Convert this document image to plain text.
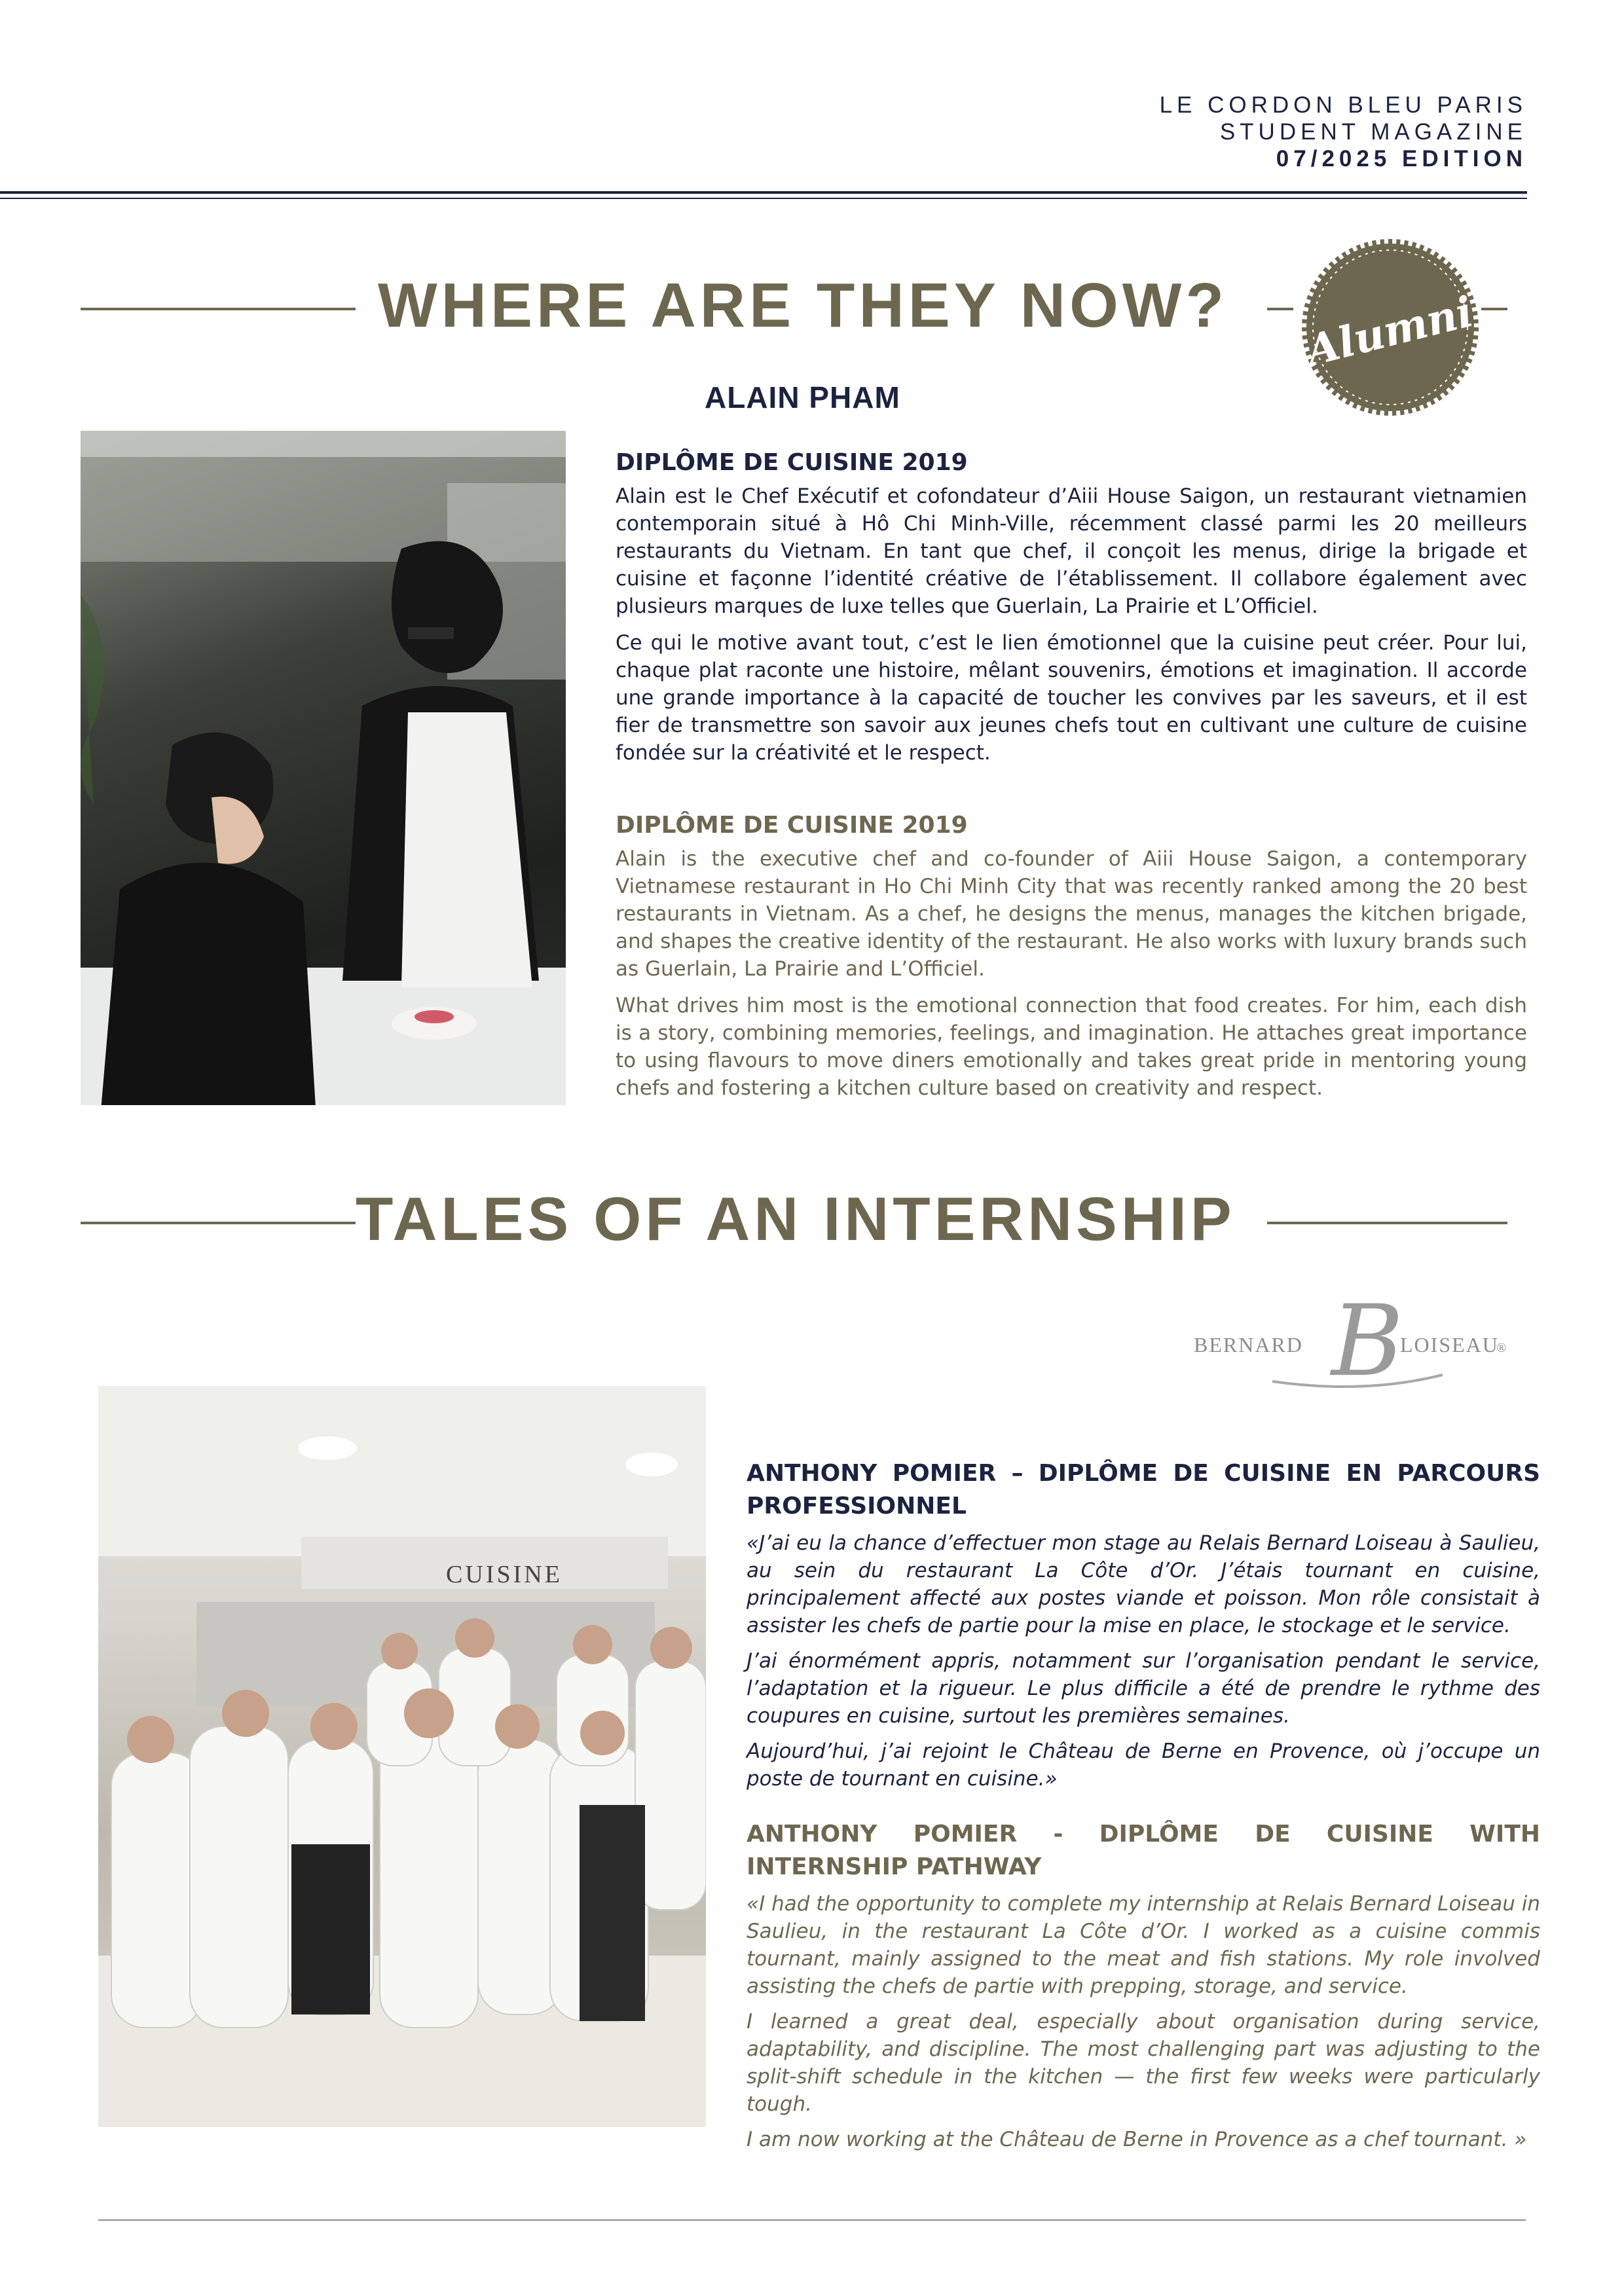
LE CORDON BLEU PARIS
STUDENT MAGAZINE
07/2025 EDITION
WHERE ARE THEY NOW? Alumni
ALAIN PHAM
DIPLÔME DE CUISINE 2019

Alain est le Chef Exécutif et cofondateur d’Aiii House Saigon, un restaurant vietnamien contemporain situé à Hô Chi Minh-Ville, récemment classé parmi les 20 meilleurs restaurants du Vietnam. En tant que chef, il conçoit les menus, dirige la brigade et cuisine et façonne l’identité créative de l’établissement. Il collabore également avec plusieurs marques de luxe telles que Guerlain, La Prairie et L’Officiel.

Ce qui le motive avant tout, c’est le lien émotionnel que la cuisine peut créer. Pour lui, chaque plat raconte une histoire, mêlant souvenirs, émotions et imagination. Il accorde une grande importance à la capacité de toucher les convives par les saveurs, et il est fier de transmettre son savoir aux jeunes chefs tout en cultivant une culture de cuisine fondée sur la créativité et le respect.

DIPLÔME DE CUISINE 2019

Alain is the executive chef and co-founder of Aiii House Saigon, a contemporary Vietnamese restaurant in Ho Chi Minh City that was recently ranked among the 20 best restaurants in Vietnam. As a chef, he designs the menus, manages the kitchen brigade, and shapes the creative identity of the restaurant. He also works with luxury brands such as Guerlain, La Prairie and L’Officiel.

What drives him most is the emotional connection that food creates. For him, each dish is a story, combining memories, feelings, and imagination. He attaches great importance to using flavours to move diners emotionally and takes great pride in mentoring young chefs and fostering a kitchen culture based on creativity and respect.

TALES OF AN INTERNSHIP
BERNARD B
LOISEAU
®
CUISINE
ANTHONY POMIER – DIPLÔME DE CUISINE EN PARCOURS PROFESSIONNEL

«J’ai eu la chance d’effectuer mon stage au Relais Bernard Loiseau à Saulieu, au sein du restaurant La Côte d’Or. J’étais tournant en cuisine, principalement affecté aux postes viande et poisson. Mon rôle consistait à assister les chefs de partie pour la mise en place, le stockage et le service.

J’ai énormément appris, notamment sur l’organisation pendant le service, l’adaptation et la rigueur. Le plus difficile a été de prendre le rythme des coupures en cuisine, surtout les premières semaines.

Aujourd’hui, j’ai rejoint le Château de Berne en Provence, où j’occupe un poste de tournant en cuisine.»

ANTHONY POMIER - DIPLÔME DE CUISINE WITH INTERNSHIP PATHWAY

«I had the opportunity to complete my internship at Relais Bernard Loiseau in Saulieu, in the restaurant La Côte d’Or. I worked as a cuisine commis tournant, mainly assigned to the meat and fish stations. My role involved assisting the chefs de partie with prepping, storage, and service.

I learned a great deal, especially about organisation during service, adaptability, and discipline. The most challenging part was adjusting to the split-shift schedule in the kitchen — the first few weeks were particularly tough.

I am now working at the Château de Berne in Provence as a chef tournant. »
